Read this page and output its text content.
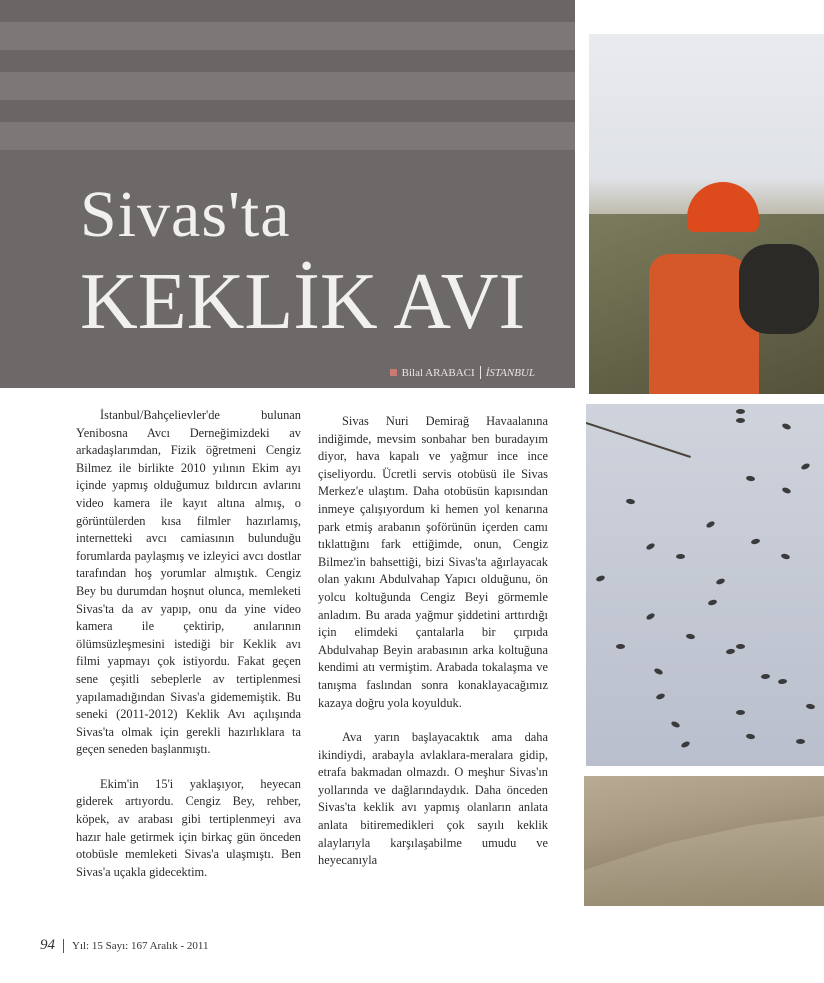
Sivas'ta
KEKLİK AVI
Bilal ARABACI İSTANBUL

İstanbul/Bahçelievler'de bulunan Yenibosna Avcı Derneğimizdeki av arkadaşlarımdan, Fizik öğretmeni Cengiz Bilmez ile birlikte 2010 yılının Ekim ayı içinde yapmış olduğumuz bıldırcın avlarını video kamera ile kayıt altına almış, o görüntülerden kısa filmler hazırlamış, internetteki avcı camiasının bulunduğu forumlarda paylaşmış ve izleyici avcı dostlar tarafından hoş yorumlar almıştık. Cengiz Bey bu durumdan hoşnut olunca, memleketi Sivas'ta da av yapıp, onu da yine video kamera ile çektirip, anılarının ölümsüzleşmesini istediği bir Keklik avı filmi yapmayı çok istiyordu. Fakat geçen sene çeşitli sebeplerle av tertiplenmesi yapılamadığından Sivas'a gidememiştik. Bu seneki (2011-2012) Keklik Avı açılışında Sivas'ta olmak için gerekli hazırlıklara ta geçen seneden başlanmıştı.

Ekim'in 15'i yaklaşıyor, heyecan giderek artıyordu. Cengiz Bey, rehber, köpek, av arabası gibi tertiplenmeyi ava hazır hale getirmek için birkaç gün önceden otobüsle memleketi Sivas'a ulaşmıştı. Ben Sivas'a uçakla gidecektim.

Sivas Nuri Demirağ Havaalanına indiğimde, mevsim sonbahar ben buradayım diyor, hava kapalı ve yağmur ince ince çiseliyordu. Ücretli servis otobüsü ile Sivas Merkez'e ulaştım. Daha otobüsün kapısından inmeye çalışıyordum ki hemen yol kenarına park etmiş arabanın şoförünün içerden camı tıklattığını fark ettiğimde, onun, Cengiz Bilmez'in bahsettiği, bizi Sivas'ta ağırlayacak olan yakını Abdulvahap Yapıcı olduğunu, ön yolcu koltuğunda Cengiz Beyi görmemle anladım. Bu arada yağmur şiddetini arttırdığı için elimdeki çantalarla bir çırpıda Abdulvahap Beyin arabasının arka koltuğuna kendimi atı vermiştim. Arabada tokalaşma ve tanışma faslından sonra konaklayacağımız kazaya doğru yola koyulduk.

Ava yarın başlayacaktık ama daha ikindiydi, arabayla avlaklara-meralara gidip, etrafa bakmadan olmazdı. O meşhur Sivas'ın yollarında ve dağlarındaydık. Daha önceden Sivas'ta keklik avı yapmış olanların anlata anlata bitiremedikleri çok sayılı keklik alaylarıyla karşılaşabilme umudu ve heyecanıyla

94 Yıl: 15 Sayı: 167 Aralık - 2011
